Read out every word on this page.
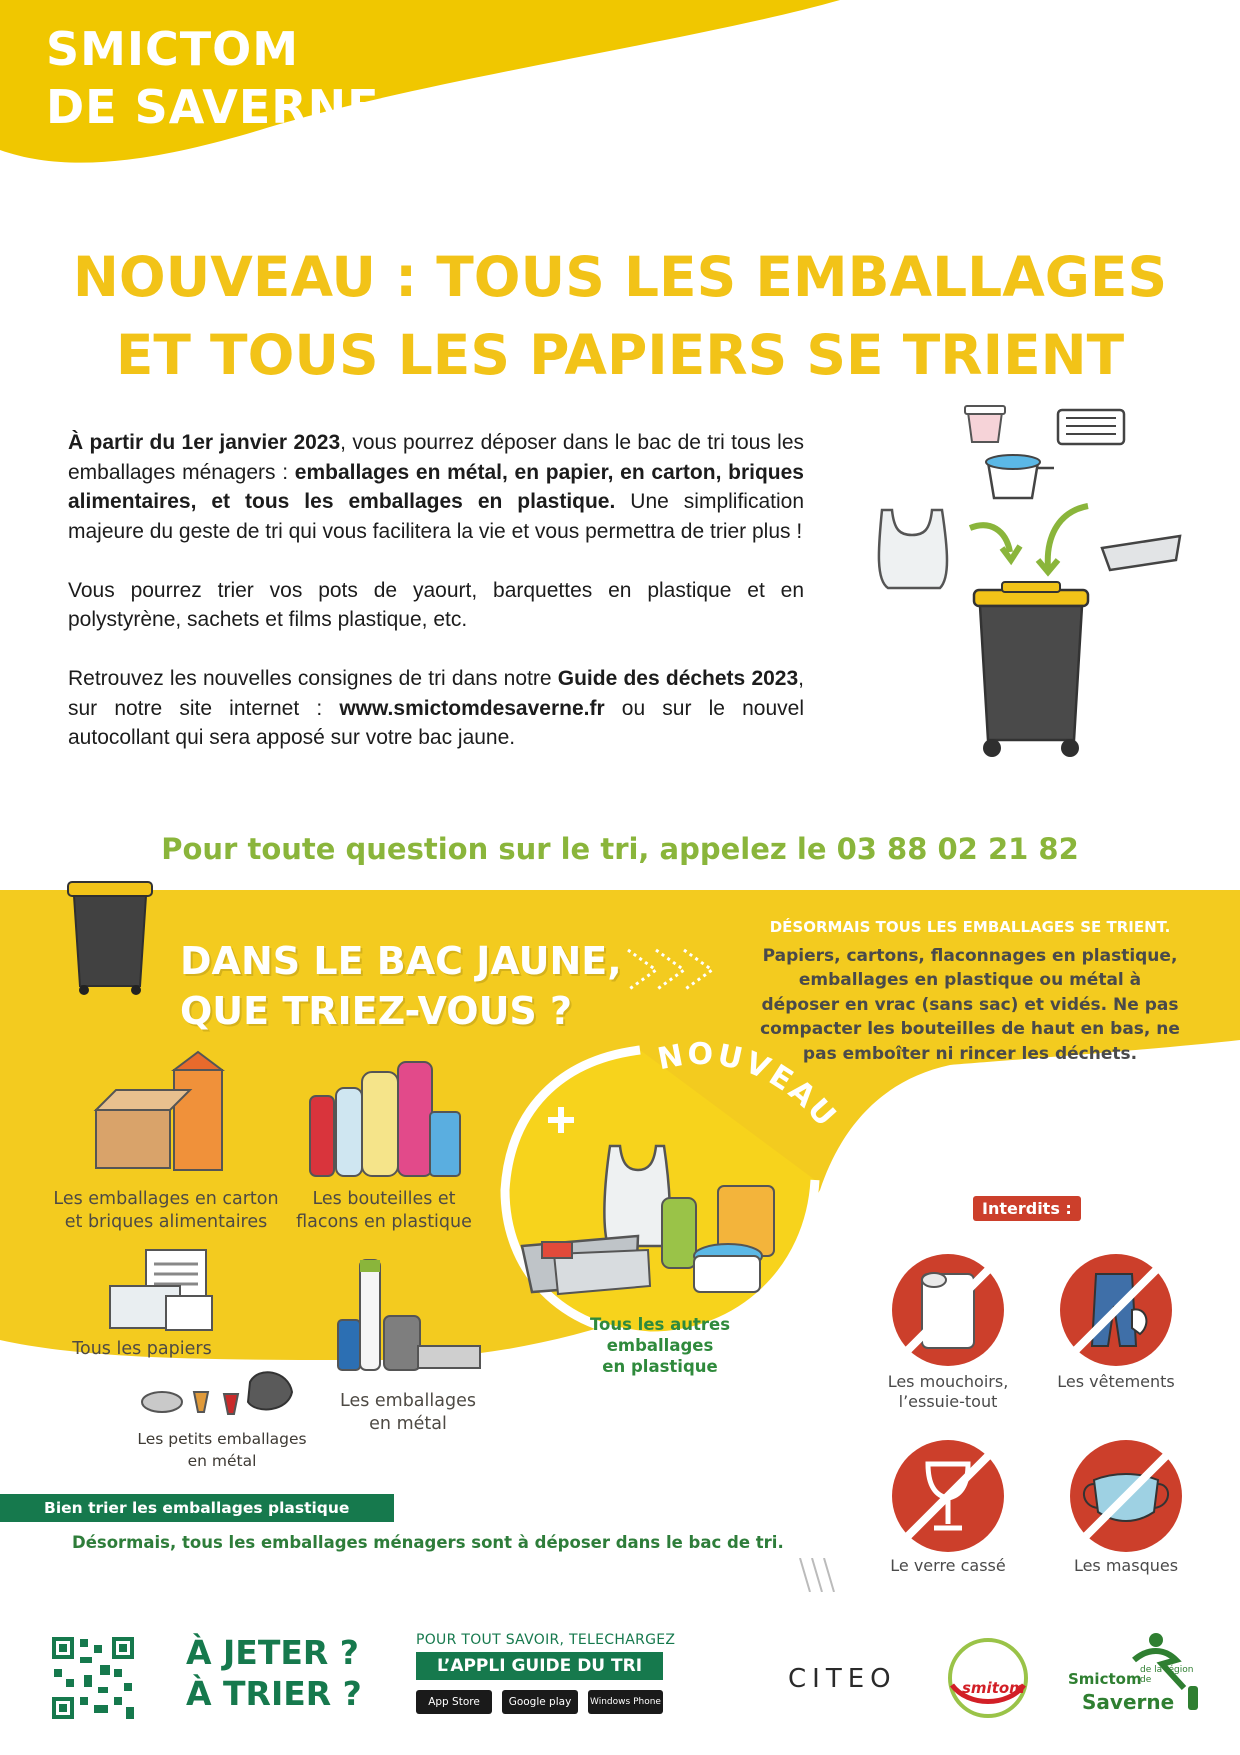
SMICTOM
DE SAVERNE
NOUVEAU : TOUS LES EMBALLAGES
ET TOUS LES PAPIERS SE TRIENT

À partir du 1er janvier 2023, vous pourrez déposer dans le bac de tri tous les emballages ménagers : emballages en métal, en papier, en carton, briques alimentaires, et tous les emballages en plastique. Une simplification majeure du geste de tri qui vous facilitera la vie et vous permettra de trier plus !

Vous pourrez trier vos pots de yaourt, barquettes en plastique et en polystyrène, sachets et films plastique, etc.

Retrouvez les nouvelles consignes de tri dans notre Guide des déchets 2023, sur notre site internet : www.smictomdesaverne.fr ou sur le nouvel autocollant qui sera apposé sur votre bac jaune.

Pour toute question sur le tri, appelez le 03 88 02 21 82
DANS LE BAC JAUNE,
QUE TRIEZ-VOUS ?
DÉSORMAIS TOUS LES EMBALLAGES SE TRIENT.
Papiers, cartons, flaconnages en plastique, emballages en plastique ou métal à déposer en vrac (sans sac) et vidés. Ne pas compacter les bouteilles de haut en bas, ne pas emboîter ni rincer les déchets.
NOUVEAU
Les emballages en carton
et briques alimentaires
Les bouteilles et
flacons en plastique
Tous les papiers
Les emballages
en métal
Les petits emballages
en métal
Tous les autres
emballages
en plastique
Interdits :
Les mouchoirs,
l’essuie-tout
Les vêtements
Le verre cassé	Les masques
Bien trier les emballages plastique
Désormais, tous les emballages ménagers sont à déposer dans le bac de tri.
À JETER ?
À TRIER ?
POUR TOUT SAVOIR, TELECHARGEZ
L’APPLI GUIDE DU TRI
App Store	Google play	Windows Phone
CITEO	smitom	Smictom
de la région de
Saverne
